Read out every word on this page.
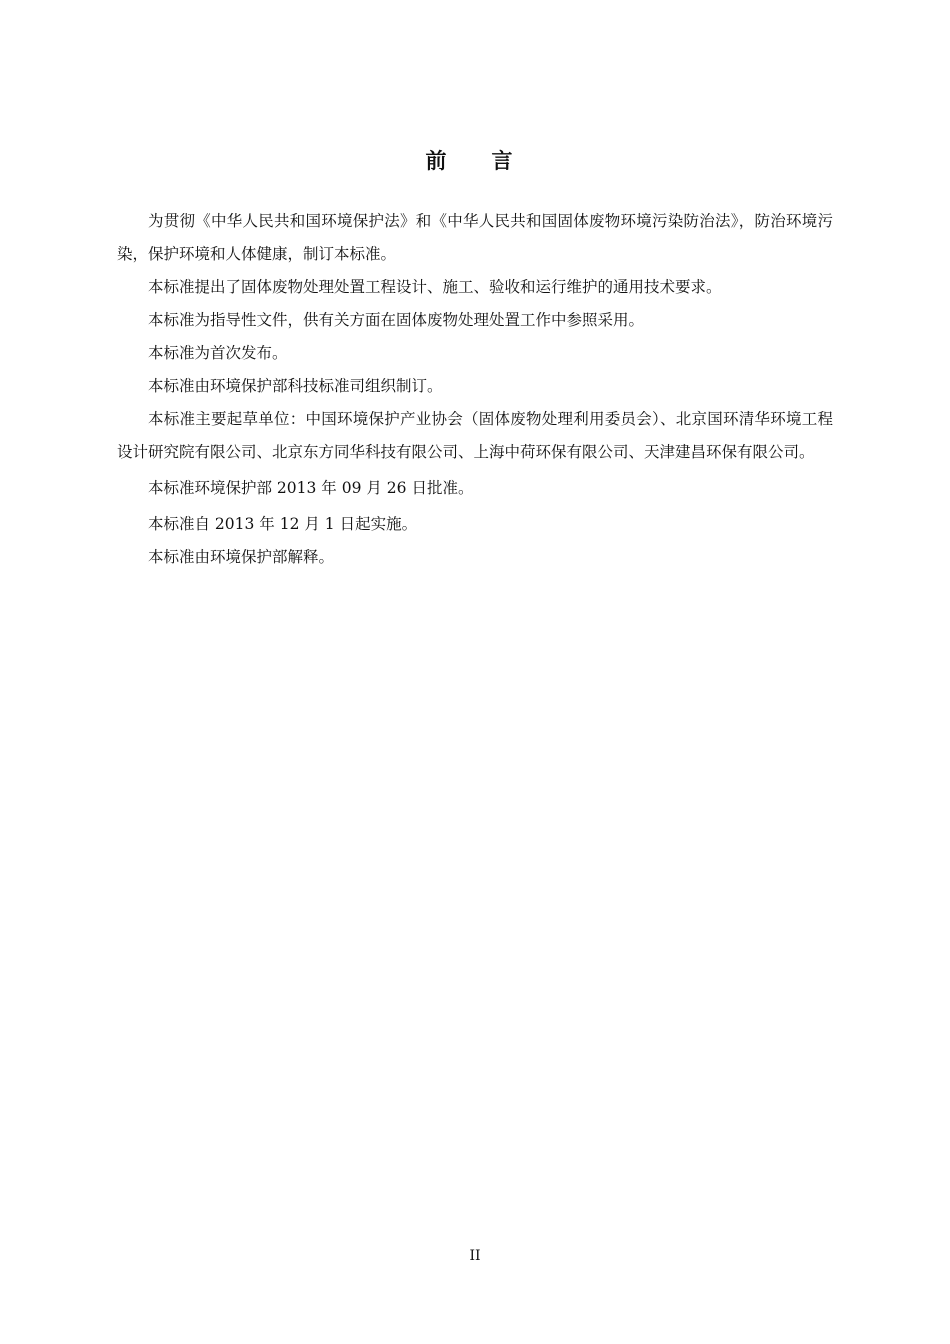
前　言

为贯彻《中华人民共和国环境保护法》和《中华人民共和国固体废物环境污染防治法》，防治环境污染，保护环境和人体健康，制订本标准。

本标准提出了固体废物处理处置工程设计、施工、验收和运行维护的通用技术要求。

本标准为指导性文件，供有关方面在固体废物处理处置工作中参照采用。

本标准为首次发布。

本标准由环境保护部科技标准司组织制订。

本标准主要起草单位：中国环境保护产业协会（固体废物处理利用委员会）、北京国环清华环境工程设计研究院有限公司、北京东方同华科技有限公司、上海中荷环保有限公司、天津建昌环保有限公司。

本标准环境保护部 2013 年 09 月 26 日批准。

本标准自 2013 年 12 月 1 日起实施。

本标准由环境保护部解释。

II
